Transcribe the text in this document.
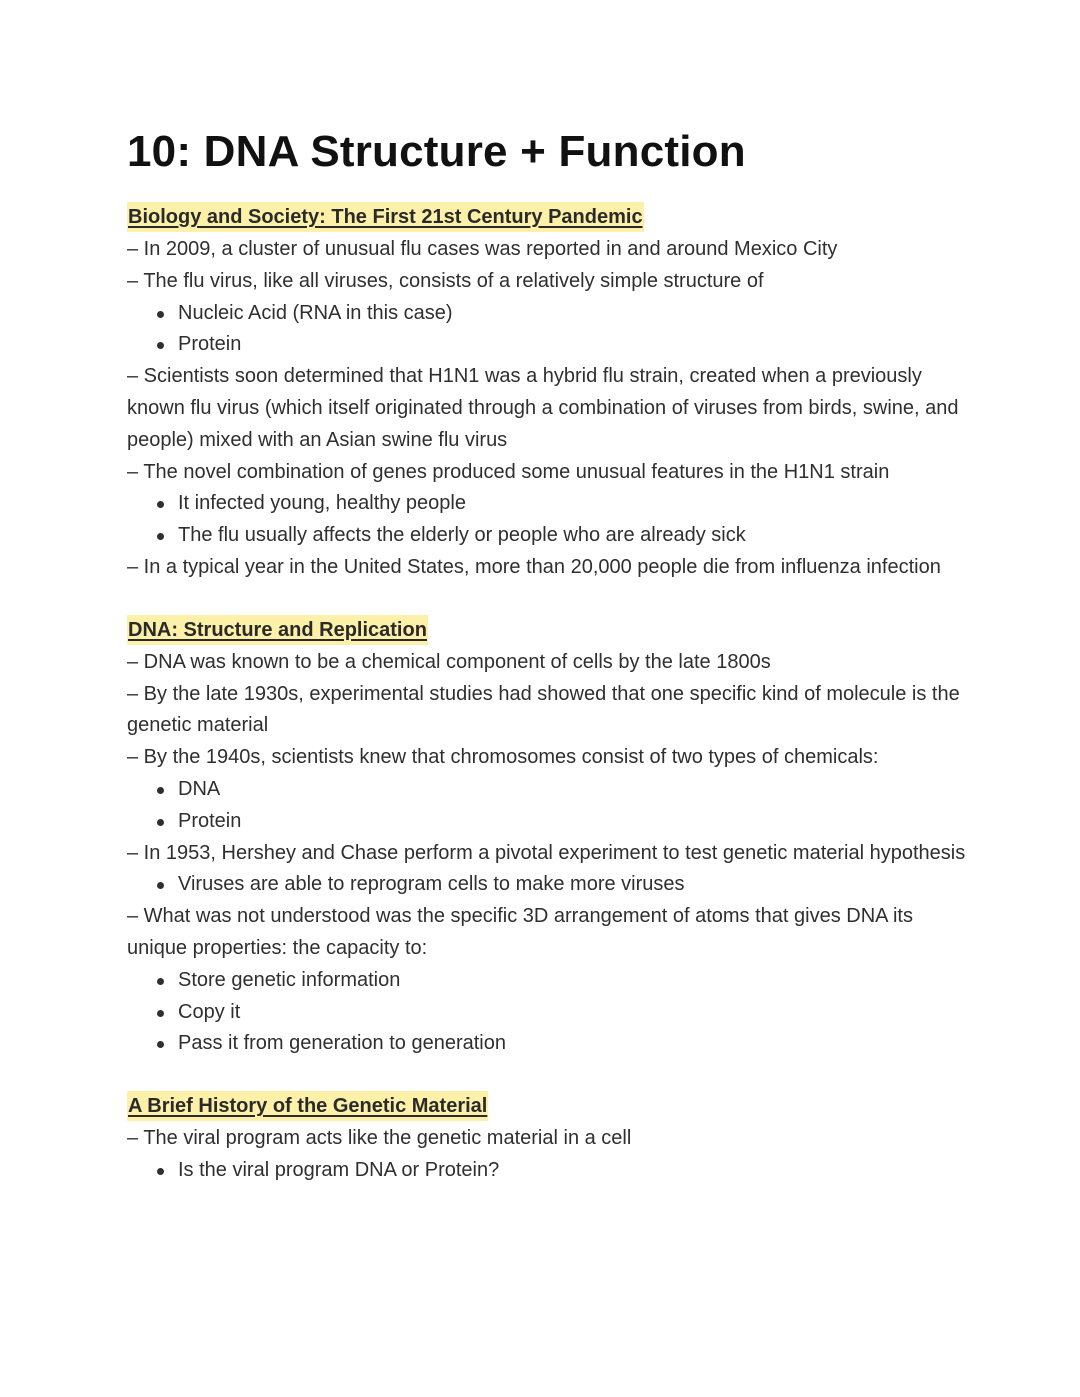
10: DNA Structure + Function
Biology and Society: The First 21st Century Pandemic

– In 2009, a cluster of unusual flu cases was reported in and around Mexico City

– The flu virus, like all viruses, consists of a relatively simple structure of

Nucleic Acid (RNA in this case)
Protein

– Scientists soon determined that H1N1 was a hybrid flu strain, created when a previously known flu virus (which itself originated through a combination of viruses from birds, swine, and people) mixed with an Asian swine flu virus

– The novel combination of genes produced some unusual features in the H1N1 strain

It infected young, healthy people
The flu usually affects the elderly or people who are already sick

– In a typical year in the United States, more than 20,000 people die from influenza infection

DNA: Structure and Replication

– DNA was known to be a chemical component of cells by the late 1800s

– By the late 1930s, experimental studies had showed that one specific kind of molecule is the genetic material

– By the 1940s, scientists knew that chromosomes consist of two types of chemicals:

DNA
Protein

– In 1953, Hershey and Chase perform a pivotal experiment to test genetic material hypothesis

Viruses are able to reprogram cells to make more viruses

– What was not understood was the specific 3D arrangement of atoms that gives DNA its unique properties: the capacity to:

Store genetic information
Copy it
Pass it from generation to generation
A Brief History of the Genetic Material

– The viral program acts like the genetic material in a cell

Is the viral program DNA or Protein?
